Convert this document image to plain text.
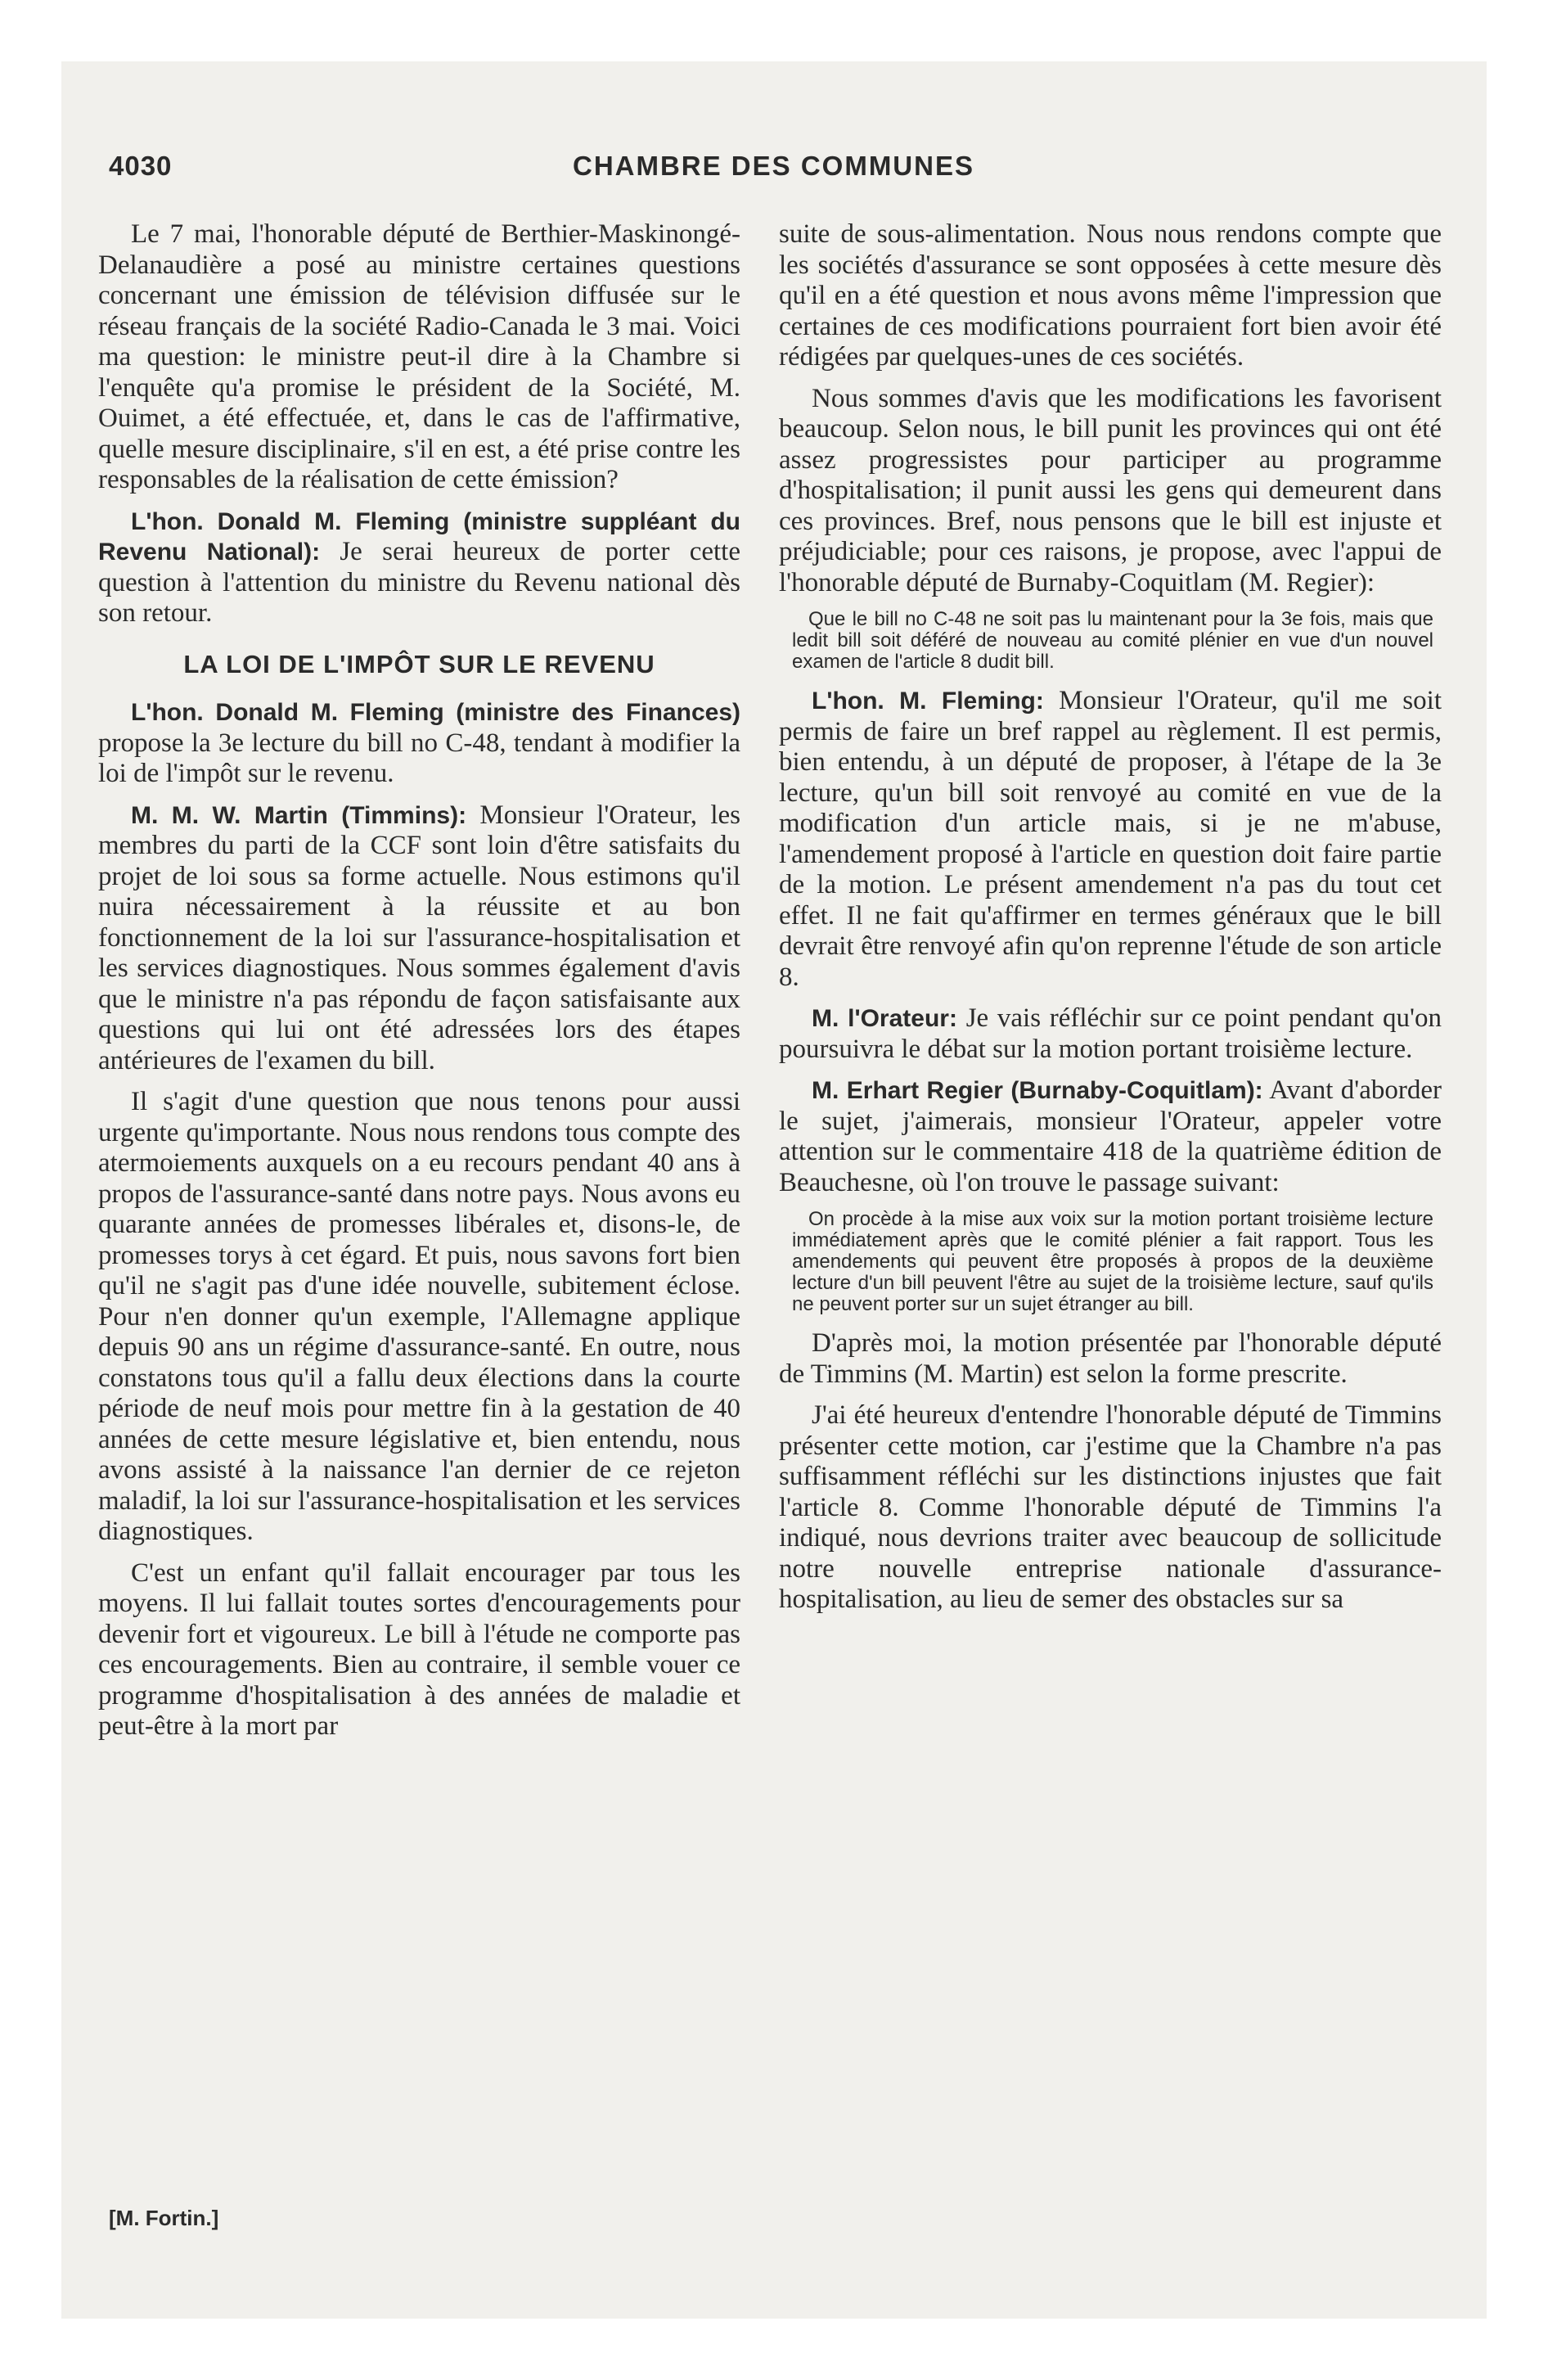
4030	CHAMBRE DES COMMUNES

Le 7 mai, l'honorable député de Berthier-Maskinongé-Delanaudière a posé au ministre certaines questions concernant une émission de télévision diffusée sur le réseau français de la société Radio-Canada le 3 mai. Voici ma question: le ministre peut-il dire à la Chambre si l'enquête qu'a promise le président de la Société, M. Ouimet, a été effectuée, et, dans le cas de l'affirmative, quelle mesure disciplinaire, s'il en est, a été prise contre les responsables de la réalisation de cette émission?

L'hon. Donald M. Fleming (ministre suppléant du Revenu National): Je serai heureux de porter cette question à l'attention du ministre du Revenu national dès son retour.

LA LOI DE L'IMPÔT SUR LE REVENU

L'hon. Donald M. Fleming (ministre des Finances) propose la 3e lecture du bill no C-48, tendant à modifier la loi de l'impôt sur le revenu.

M. M. W. Martin (Timmins): Monsieur l'Orateur, les membres du parti de la CCF sont loin d'être satisfaits du projet de loi sous sa forme actuelle. Nous estimons qu'il nuira nécessairement à la réussite et au bon fonctionnement de la loi sur l'assurance-hospitalisation et les services diagnostiques. Nous sommes également d'avis que le ministre n'a pas répondu de façon satisfaisante aux questions qui lui ont été adressées lors des étapes antérieures de l'examen du bill.

Il s'agit d'une question que nous tenons pour aussi urgente qu'importante. Nous nous rendons tous compte des atermoiements auxquels on a eu recours pendant 40 ans à propos de l'assurance-santé dans notre pays. Nous avons eu quarante années de promesses libérales et, disons-le, de promesses torys à cet égard. Et puis, nous savons fort bien qu'il ne s'agit pas d'une idée nouvelle, subitement éclose. Pour n'en donner qu'un exemple, l'Allemagne applique depuis 90 ans un régime d'assurance-santé. En outre, nous constatons tous qu'il a fallu deux élections dans la courte période de neuf mois pour mettre fin à la gestation de 40 années de cette mesure législative et, bien entendu, nous avons assisté à la naissance l'an dernier de ce rejeton maladif, la loi sur l'assurance-hospitalisation et les services diagnostiques.

C'est un enfant qu'il fallait encourager par tous les moyens. Il lui fallait toutes sortes d'encouragements pour devenir fort et vigoureux. Le bill à l'étude ne comporte pas ces encouragements. Bien au contraire, il semble vouer ce programme d'hospitalisation à des années de maladie et peut-être à la mort par

[M. Fortin.]

suite de sous-alimentation. Nous nous rendons compte que les sociétés d'assurance se sont opposées à cette mesure dès qu'il en a été question et nous avons même l'impression que certaines de ces modifications pourraient fort bien avoir été rédigées par quelques-unes de ces sociétés.

Nous sommes d'avis que les modifications les favorisent beaucoup. Selon nous, le bill punit les provinces qui ont été assez progressistes pour participer au programme d'hospitalisation; il punit aussi les gens qui demeurent dans ces provinces. Bref, nous pensons que le bill est injuste et préjudiciable; pour ces raisons, je propose, avec l'appui de l'honorable député de Burnaby-Coquitlam (M. Regier):

Que le bill no C-48 ne soit pas lu maintenant pour la 3e fois, mais que ledit bill soit déféré de nouveau au comité plénier en vue d'un nouvel examen de l'article 8 dudit bill.

L'hon. M. Fleming: Monsieur l'Orateur, qu'il me soit permis de faire un bref rappel au règlement. Il est permis, bien entendu, à un député de proposer, à l'étape de la 3e lecture, qu'un bill soit renvoyé au comité en vue de la modification d'un article mais, si je ne m'abuse, l'amendement proposé à l'article en question doit faire partie de la motion. Le présent amendement n'a pas du tout cet effet. Il ne fait qu'affirmer en termes généraux que le bill devrait être renvoyé afin qu'on reprenne l'étude de son article 8.

M. l'Orateur: Je vais réfléchir sur ce point pendant qu'on poursuivra le débat sur la motion portant troisième lecture.

M. Erhart Regier (Burnaby-Coquitlam): Avant d'aborder le sujet, j'aimerais, monsieur l'Orateur, appeler votre attention sur le commentaire 418 de la quatrième édition de Beauchesne, où l'on trouve le passage suivant:

On procède à la mise aux voix sur la motion portant troisième lecture immédiatement après que le comité plénier a fait rapport. Tous les amendements qui peuvent être proposés à propos de la deuxième lecture d'un bill peuvent l'être au sujet de la troisième lecture, sauf qu'ils ne peuvent porter sur un sujet étranger au bill.

D'après moi, la motion présentée par l'honorable député de Timmins (M. Martin) est selon la forme prescrite.

J'ai été heureux d'entendre l'honorable député de Timmins présenter cette motion, car j'estime que la Chambre n'a pas suffisamment réfléchi sur les distinctions injustes que fait l'article 8. Comme l'honorable député de Timmins l'a indiqué, nous devrions traiter avec beaucoup de sollicitude notre nouvelle entreprise nationale d'assurance-hospitalisation, au lieu de semer des obstacles sur sa
